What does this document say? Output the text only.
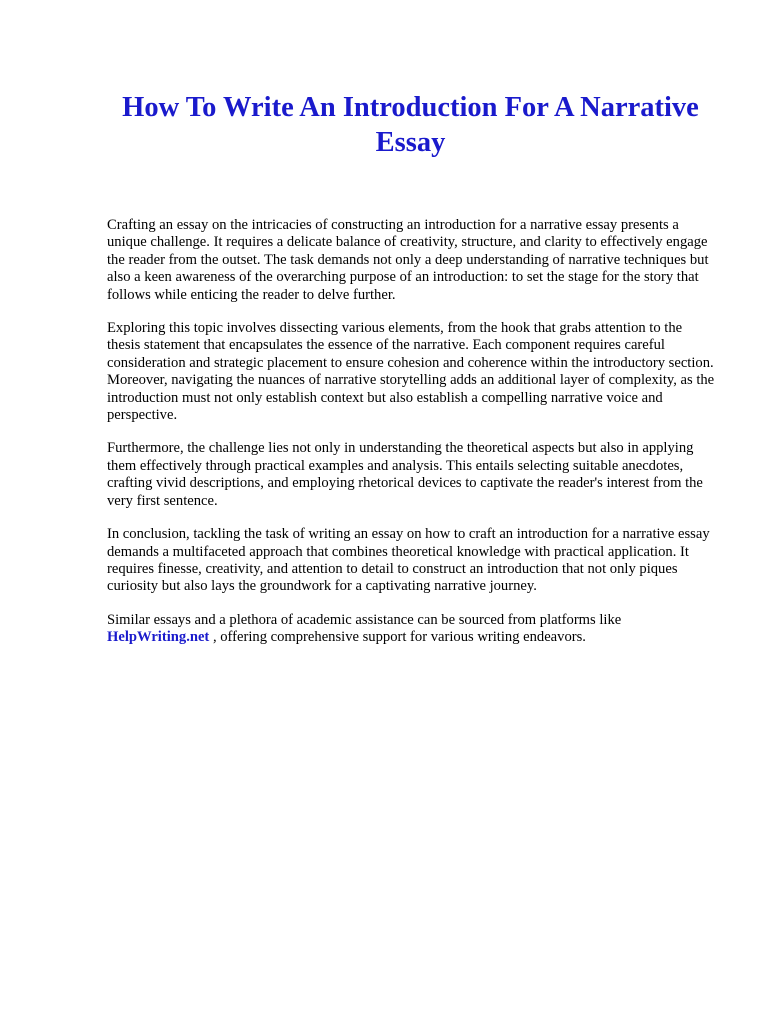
How To Write An Introduction For A Narrative Essay

Crafting an essay on the intricacies of constructing an introduction for a narrative essay presents a unique challenge. It requires a delicate balance of creativity, structure, and clarity to effectively engage the reader from the outset. The task demands not only a deep understanding of narrative techniques but also a keen awareness of the overarching purpose of an introduction: to set the stage for the story that follows while enticing the reader to delve further.

Exploring this topic involves dissecting various elements, from the hook that grabs attention to the thesis statement that encapsulates the essence of the narrative. Each component requires careful consideration and strategic placement to ensure cohesion and coherence within the introductory section. Moreover, navigating the nuances of narrative storytelling adds an additional layer of complexity, as the introduction must not only establish context but also establish a compelling narrative voice and perspective.

Furthermore, the challenge lies not only in understanding the theoretical aspects but also in applying them effectively through practical examples and analysis. This entails selecting suitable anecdotes, crafting vivid descriptions, and employing rhetorical devices to captivate the reader's interest from the very first sentence.

In conclusion, tackling the task of writing an essay on how to craft an introduction for a narrative essay demands a multifaceted approach that combines theoretical knowledge with practical application. It requires finesse, creativity, and attention to detail to construct an introduction that not only piques curiosity but also lays the groundwork for a captivating narrative journey.

Similar essays and a plethora of academic assistance can be sourced from platforms like
HelpWriting.net , offering comprehensive support for various writing endeavors.
